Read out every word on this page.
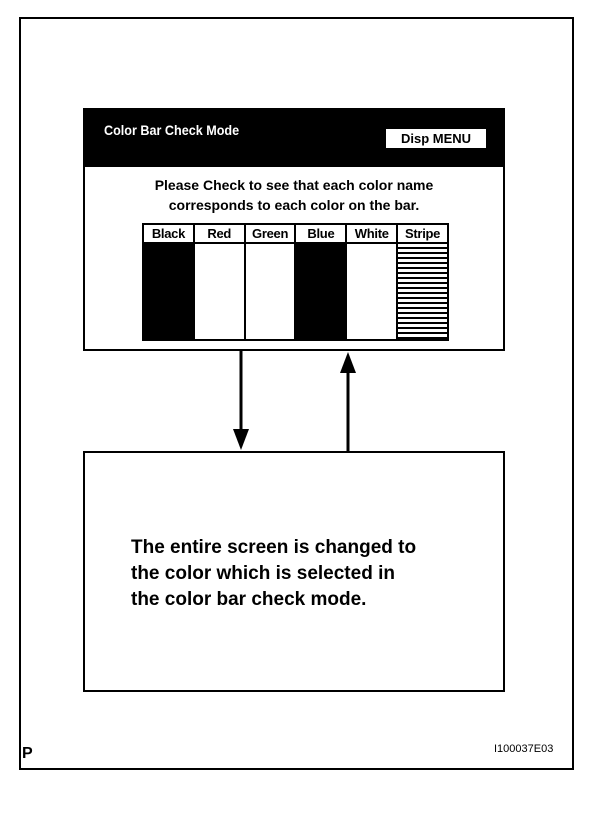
Color Bar Check Mode
Disp MENU
Please Check to see that each color name
corresponds to each color on the bar.
Black	Red	Green	Blue	White	Stripe
The entire screen is changed to
the color which is selected in
the color bar check mode.
P	I100037E03
